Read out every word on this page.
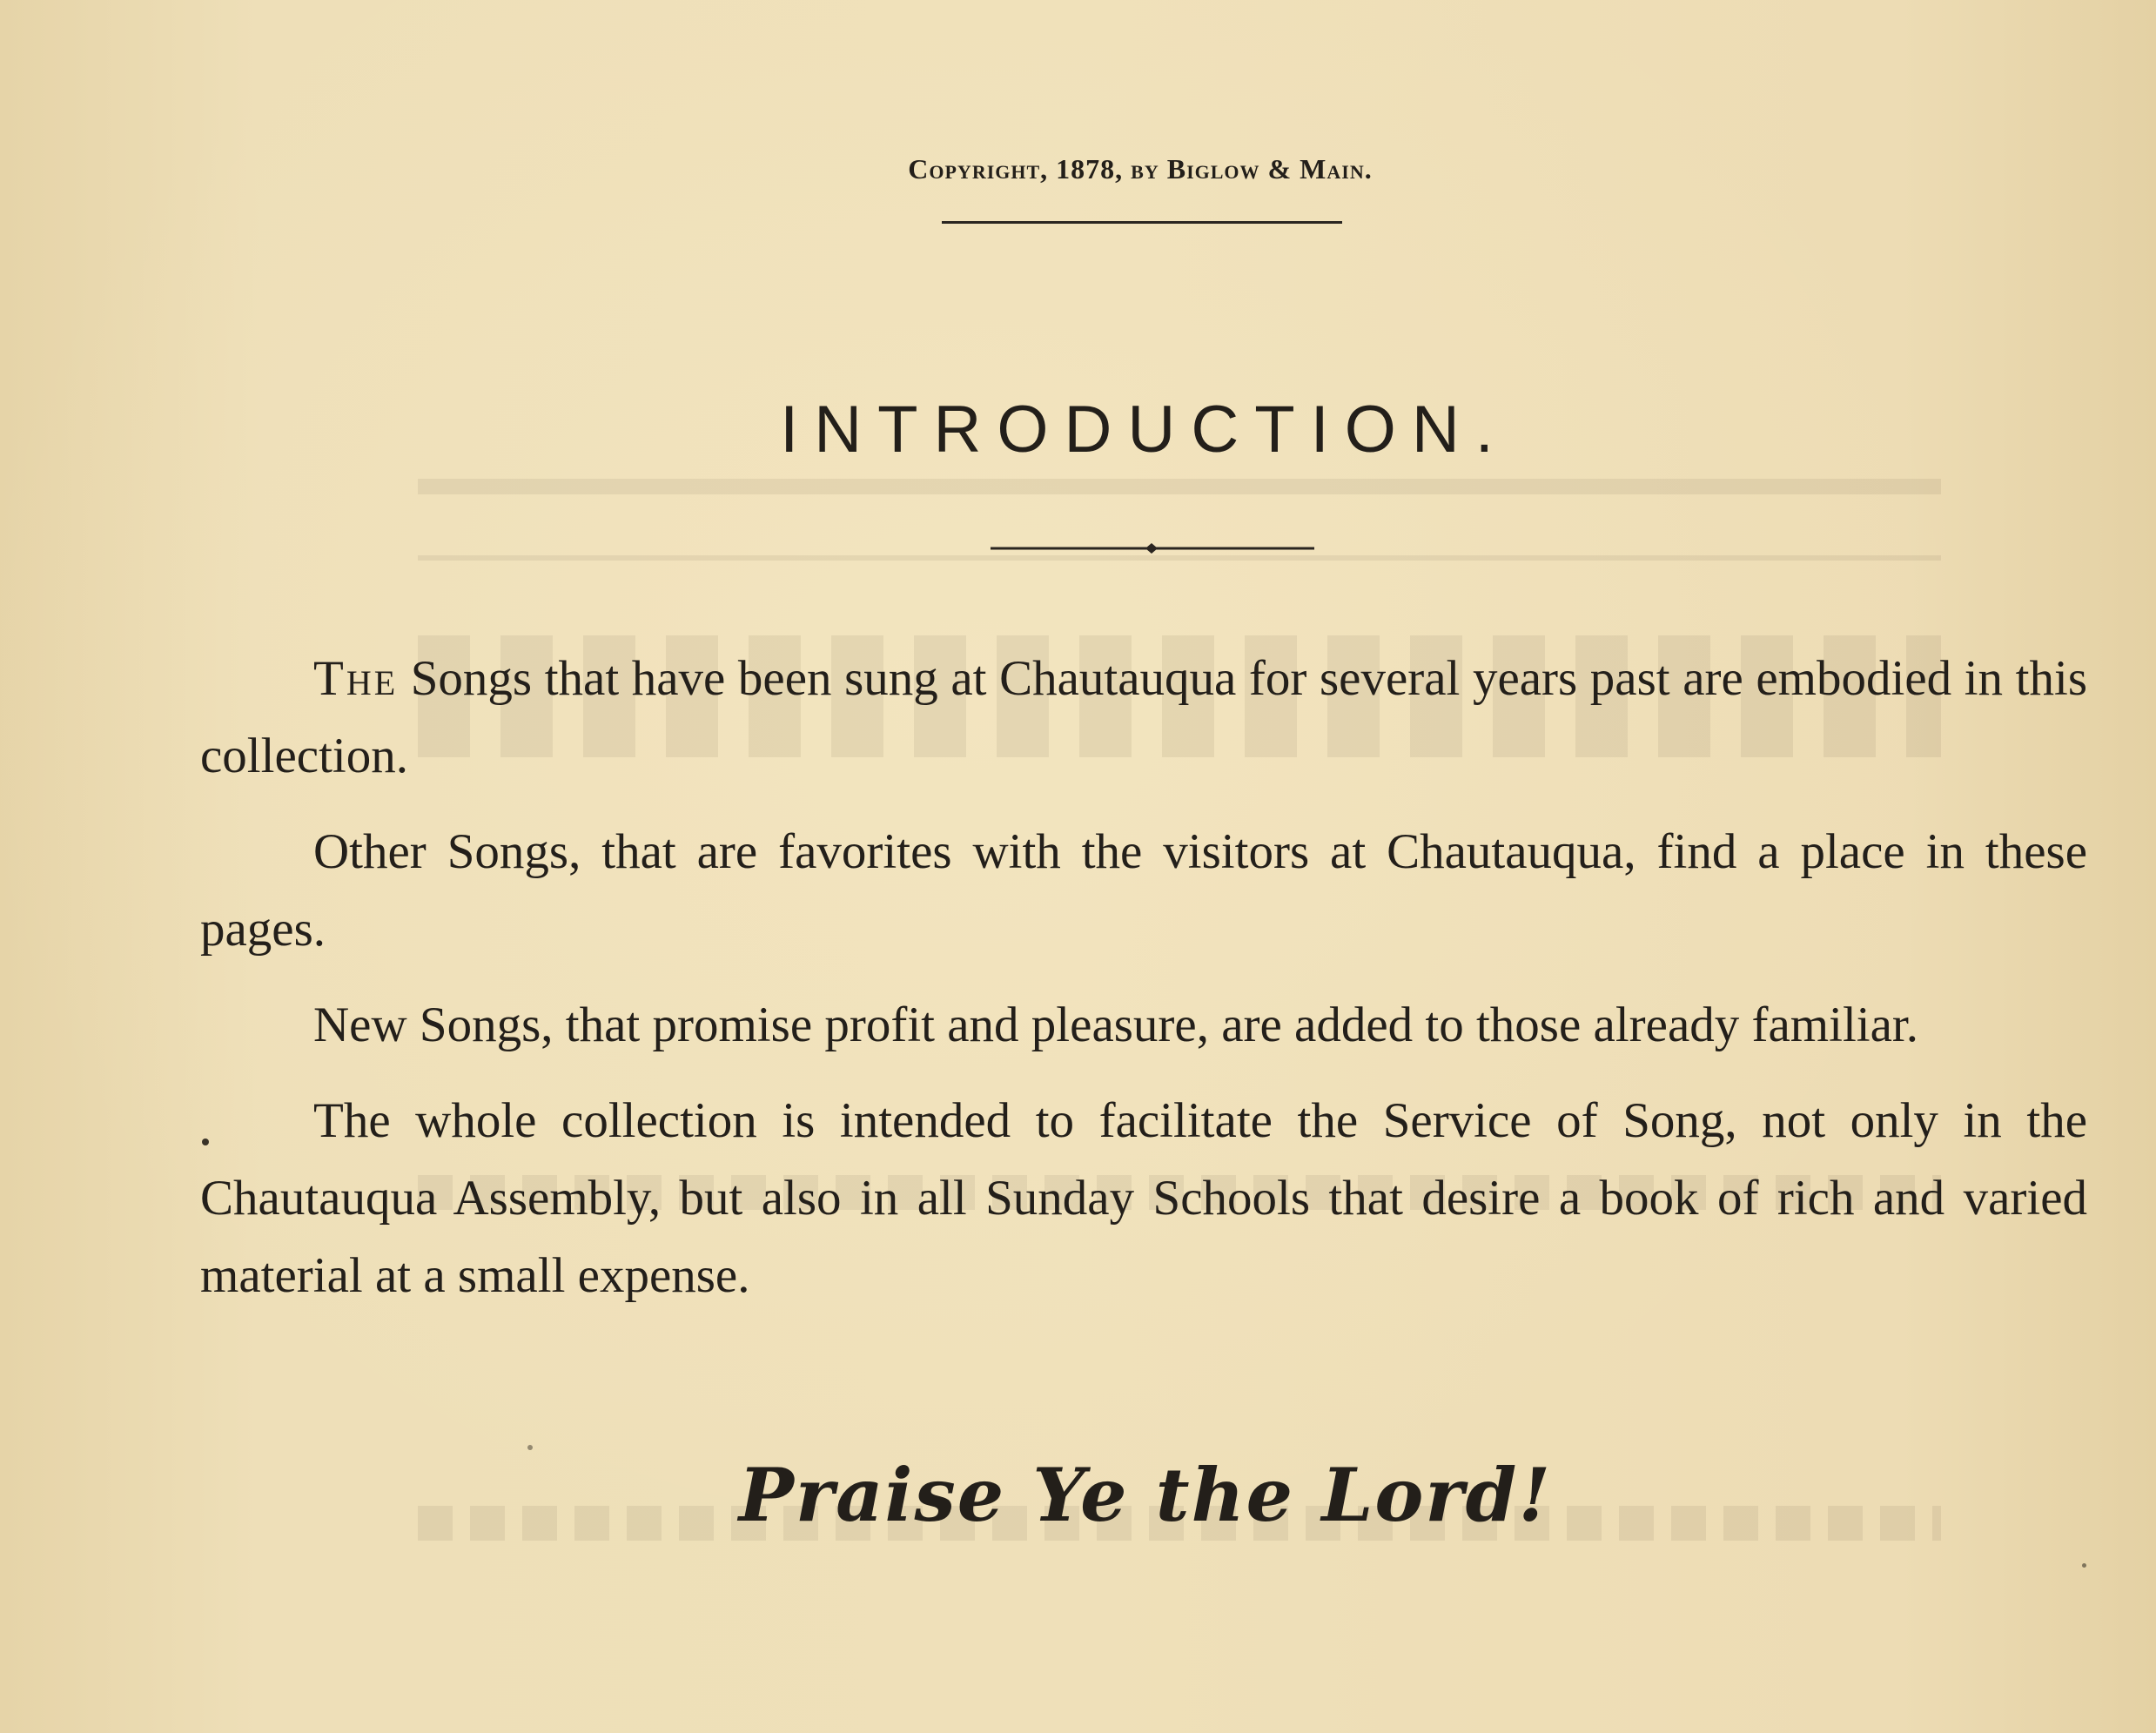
Copyright, 1878, by Biglow & Main.
INTRODUCTION.

The Songs that have been sung at Chautauqua for several years past are embodied in this collection.

Other Songs, that are favorites with the visitors at Chautauqua, find a place in these pages.

New Songs, that promise profit and pleasure, are added to those already familiar.

The whole collection is intended to facilitate the Service of Song, not only in the Chautauqua Assembly, but also in all Sunday Schools that desire a book of rich and varied material at a small expense.

Praise Ye the Lord!
